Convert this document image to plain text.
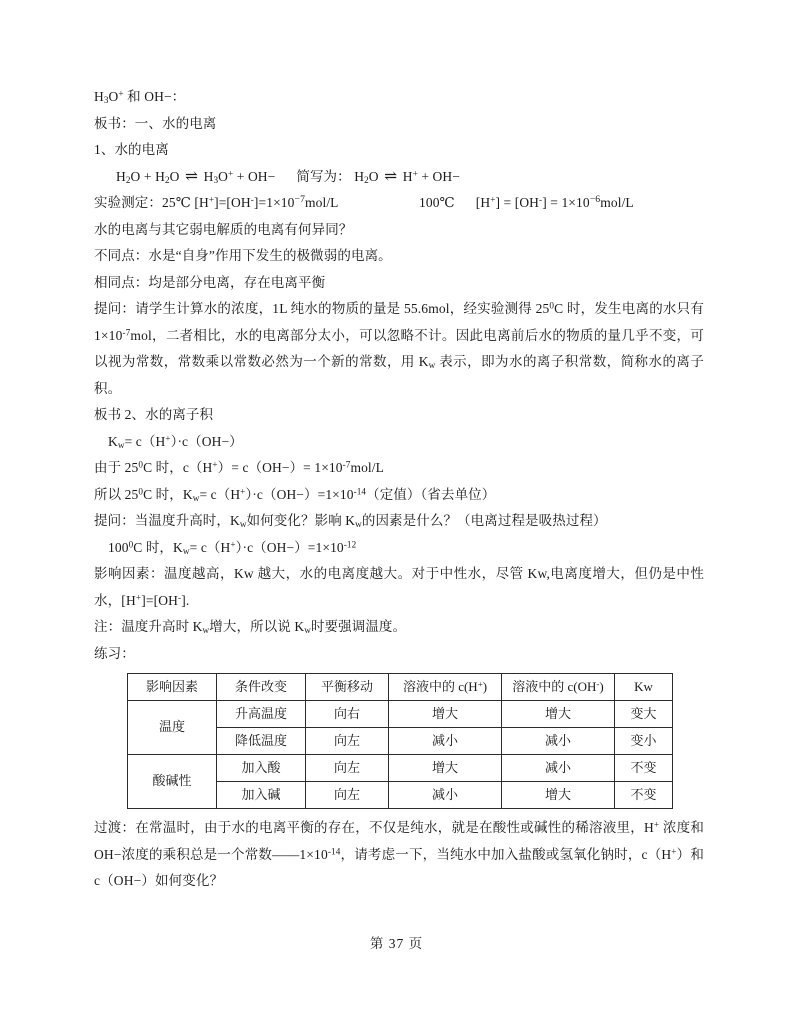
$H_3O^+$ 和 OH−：
板书：一、水的电离
1、水的电离
$H_2O + H_2O$ ⇌ $H_3O^+ + OH-$ 简写为： $H_2O$ ⇌ H+ + OH−
实验测定：25℃ $[H^+]=[OH^-]=1\times 10^{-7}mol/L$	100℃ $[H^+] = [OH^-] = 1\times 10^{-6}mol/L$
水的电离与其它弱电解质的电离有何异同？
不同点：水是“自身”作用下发生的极微弱的电离。
相同点：均是部分电离，存在电离平衡
提问：请学生计算水的浓度，1L 纯水的物质的量是 55.6mol，经实验测得 $25^0C$ 时，发生电离的水只有 $1\times 10^{-7}mol$，二者相比，水的电离部分太小，可以忽略不计。因此电离前后水的物质的量几乎不变，可以视为常数，常数乘以常数必然为一个新的常数，用 $K_w$ 表示，即为水的离子积常数，简称水的离子积。
板书 2、水的离子积
$K_w= c(H^+)\cdot c(OH-)$
由于 $25^0C$ 时，$c(H^+)= c(OH-)= 1\times 10^{-7}mol/L$
所以 $25^0C$ 时，$K_w= c(H^+)\cdot c(OH-)=1\times 10^{-14}$（定值）（省去单位）
提问：当温度升高时，$K_w$如何变化？影响 $K_w$的因素是什么？（电离过程是吸热过程）
$100^0C$ 时，$K_w= c(H^+)\cdot c(OH-)=1\times 10^{-12}$
影响因素：温度越高，Kw 越大，水的电离度越大。对于中性水，尽管 Kw,电离度增大，但仍是中性水，[H+]=[OH-].
注：温度升高时 $K_w$增大，所以说 $K_w$时要强调温度。
练习：
影响因素	条件改变	平衡移动	溶液中的 c(H+)	溶液中的 c(OH-)	Kw
温度	升高温度	向右	增大	增大	变大
	降低温度	向左	减小	减小	变小
酸碱性	加入酸	向左	增大	减小	不变
	加入碱	向左	减小	增大	不变
过渡：在常温时，由于水的电离平衡的存在，不仅是纯水，就是在酸性或碱性的稀溶液里，H+ 浓度和 OH−浓度的乘积总是一个常数$——1\times 10^{-14}$，请考虑一下，当纯水中加入盐酸或氢氧化钠时，c（H+）和 c（OH−）如何变化？
第 37 页
